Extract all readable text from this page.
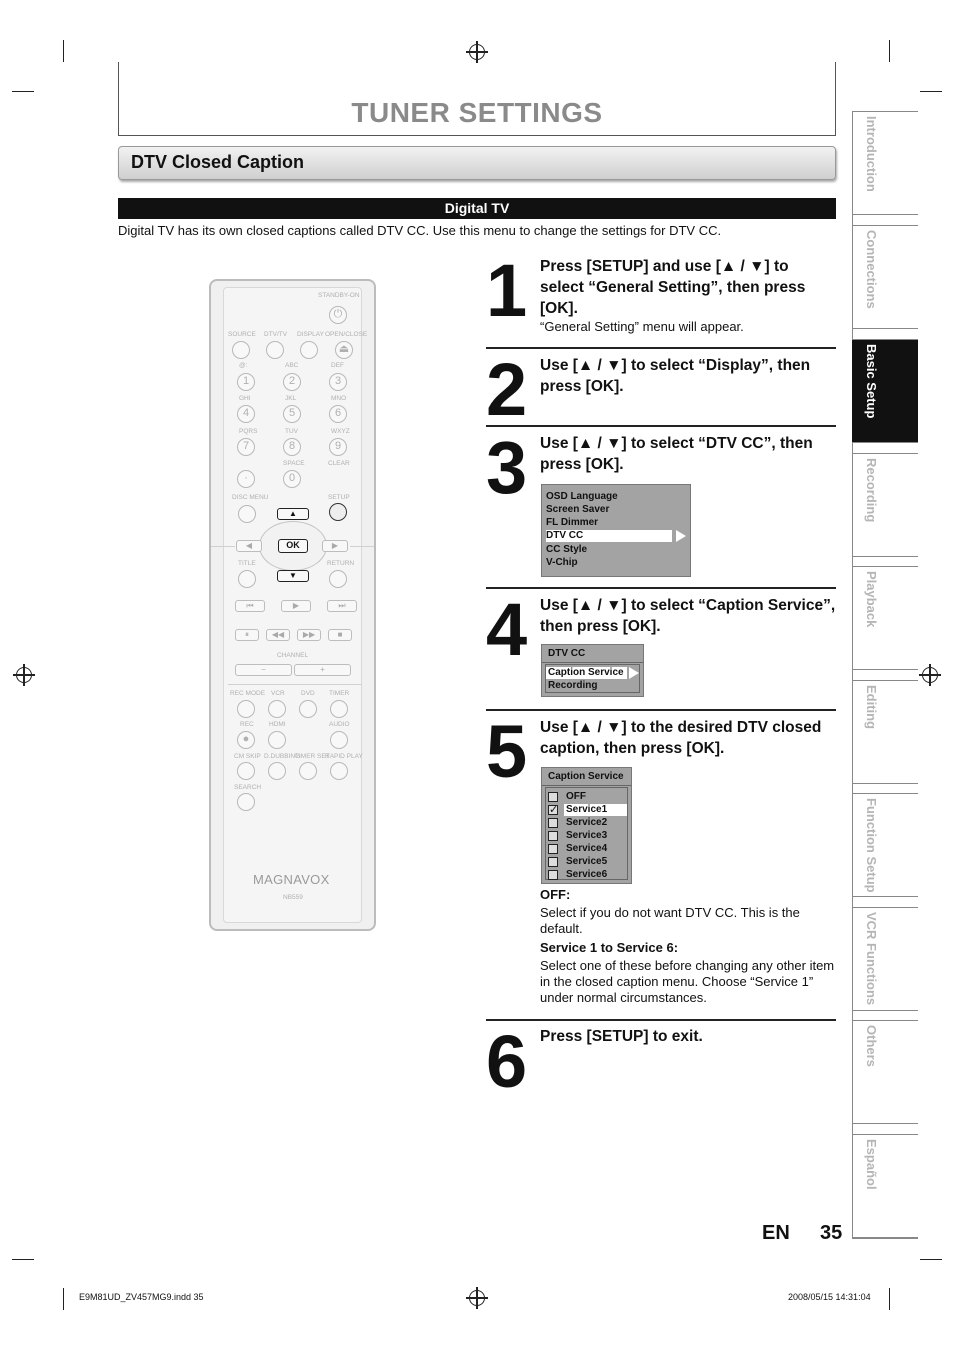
TUNER SETTINGS
DTV Closed Caption
Digital TV
Digital TV has its own closed captions called DTV CC. Use this menu to change the settings for DTV CC.
STANDBY-ON
⏻
SOURCE DTV/TV DISPLAY OPEN/CLOSE
⏏
@:	ABC	DEF
GHI	JKL	MNO
PQRS	TUV	WXYZ
1	2	3
4	5	6
7	8	9
SPACE	CLEAR
·	0
DISC MENU	SETUP
▲
▼
◀	▶
OK
TITLE	RETURN
⏮	▶	⏭
⏸	◀◀	▶▶	■
CHANNEL
−	+
REC MODE VCR	DVD TIMER
REC HDMI	AUDIO
●
CM SKIP D.DUBBING
TIMER SET
RAPID PLAY
SEARCH
MAGNAVOX
NB559
1 Press [SETUP] and use [▲ / ▼] to select “General Setting”, then press [OK].
“General Setting” menu will appear.
2 Use [▲ / ▼] to select “Display”, then press [OK].
3 Use [▲ / ▼] to select “DTV CC”, then press [OK].
OSD Language
Screen Saver
FL Dimmer
DTV CC
CC Style
V-Chip
4 Use [▲ / ▼] to select “Caption Service”, then press [OK].
DTV CC
Caption Service
Recording
5 Use [▲ / ▼] to the desired DTV closed caption, then press [OK].
Caption Service
OFF
✓
Service1
Service2
Service3
Service4
Service5
Service6
OFF:
Select if you do not want DTV CC. This is the default.
Service 1 to Service 6:
Select one of these before changing any other item in the closed caption menu. Choose “Service 1” under normal circumstances.
6 Press [SETUP] to exit.
Introduction
Connections
Basic Setup
Recording
Playback
Editing
Function Setup
VCR Functions
Others
Español
EN 35
E9M81UD_ZV457MG9.indd 35	2008/05/15 14:31:04
